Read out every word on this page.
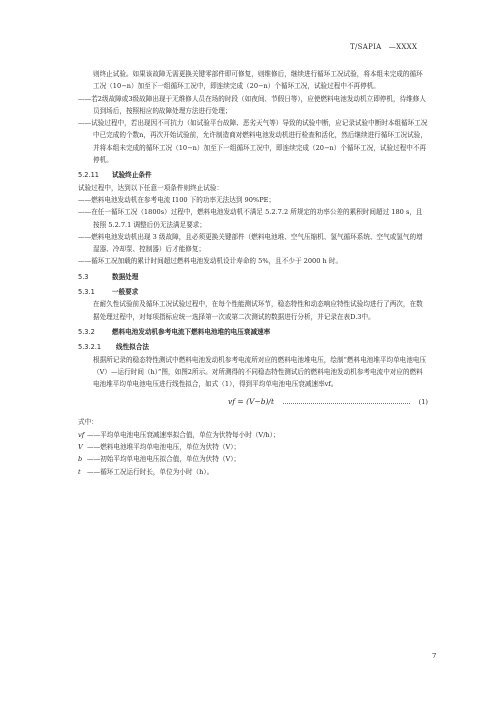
T/SAPIA　—XXXX

则终止试验。如果该故障无需更换关键零部件即可修复，则维修后，继续进行循环工况试验，将本组未完成的循环工况（10−n）加至下一组循环工况中，即连续完成（20−n）个循环工况，试验过程中不再停机。

——若2级故障或3级故障出现于无维修人员在场的时段（如夜间、节假日等），应使燃料电池发动机立即停机，待维修人员到场后，按照相应的故障处理方法进行处理；

——试验过程中，若出现因不可抗力（如试验平台故障、恶劣天气等）导致的试验中断，应记录试验中断时本组循环工况中已完成的个数n，再次开始试验前，允许制造商对燃料电池发动机进行检查和活化，然后继续进行循环工况试验，并将本组未完成的循环工况（10−n）加至下一组循环工况中，即连续完成（20−n）个循环工况，试验过程中不再停机。

5.2.11 试验终止条件

试验过程中，达到以下任意一项条件则终止试验：

——燃料电池发动机在参考电流 I100 下的功率无法达到 90%PE；

——在任一循环工况（1800s）过程中，燃料电池发动机不满足 5.2.7.2 所规定的功率公差的累积时间超过 180 s，且按照 5.2.7.1 调整后仍无法满足要求；

——燃料电池发动机出现 3 级故障，且必须更换关键部件（燃料电池堆、空气压缩机、氢气循环系统、空气或氢气的增湿器、冷却泵、控制器）后才能修复；

——循环工况加载的累计时间超过燃料电池发动机设计寿命的 5%，且不少于 2000 h 时。

5.3	数据处理
5.3.1	一般要求

在耐久性试验前及循环工况试验过程中，在每个性能测试环节，稳态特性和动态响应特性试验均进行了两次，在数据处理过程中，对每项指标应统一选择第一次或第二次测试的数据进行分析，并记录在表D.3中。

5.3.2	燃料电池发动机参考电流下燃料电池堆的电压衰减速率
5.3.2.1 线性拟合法

根据所记录的稳态特性测试中燃料电池发动机参考电流所对应的燃料电池堆电压，绘制“燃料电池堆平均单电池电压（V）—运行时间（h）”图，如图2所示。对所测得的不同稳态特性测试后的燃料电池发动机参考电流中对应的燃料电池堆平均单电池电压进行线性拟合，如式（1），得到平均单电池电压衰减速率vf。

vf = (V−b)/t	(1)

式中：

vf ——平均单电池电压衰减速率拟合值，单位为伏特每小时（V/h）；

V ——燃料电池堆平均单电池电压，单位为伏特（V）；

b ——初始平均单电池电压拟合值，单位为伏特（V）；

t ——循环工况运行时长，单位为小时（h）。

7
